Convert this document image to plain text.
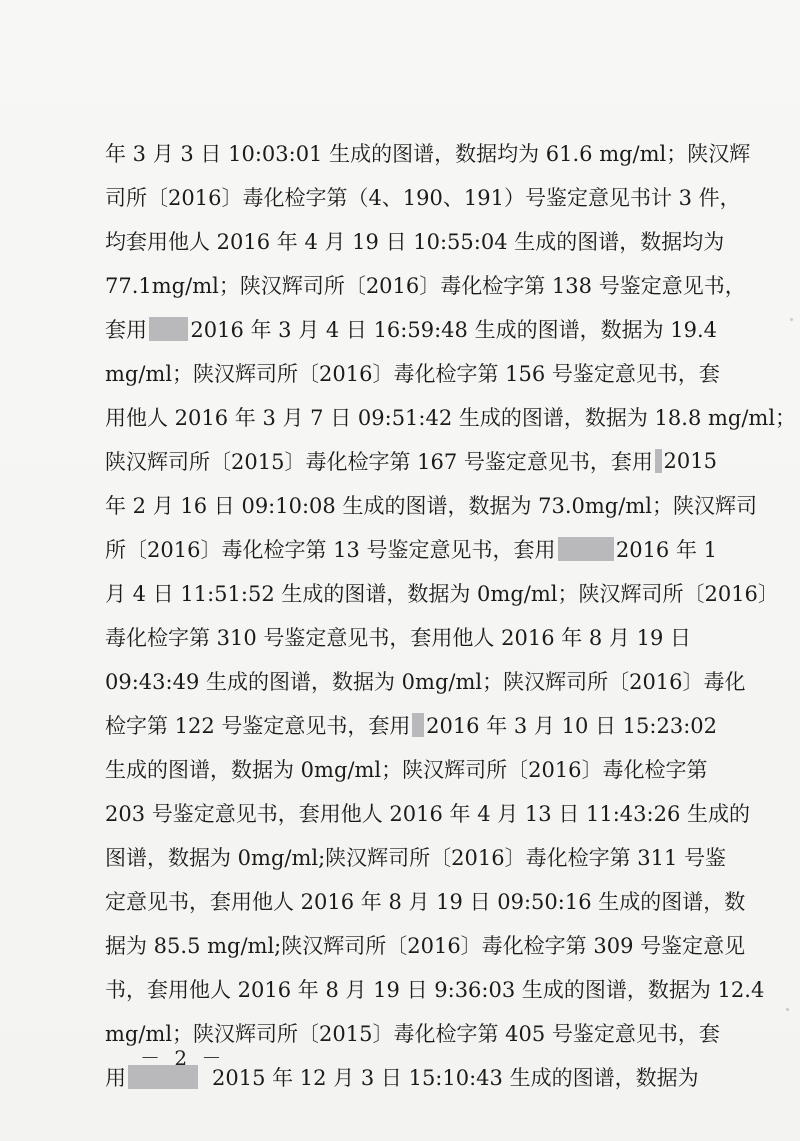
年 3 月 3 日 10:03:01 生成的图谱，数据均为 61.6 mg/ml；陕汉辉
司所〔2016〕毒化检字第（4、190、191）号鉴定意见书计 3 件，
均套用他人 2016 年 4 月 19 日 10:55:04 生成的图谱，数据均为
77.1mg/ml；陕汉辉司所〔2016〕毒化检字第 138 号鉴定意见书，
套用 2016 年 3 月 4 日 16:59:48 生成的图谱，数据为 19.4
mg/ml；陕汉辉司所〔2016〕毒化检字第 156 号鉴定意见书，套
用他人 2016 年 3 月 7 日 09:51:42 生成的图谱，数据为 18.8 mg/ml；
陕汉辉司所〔2015〕毒化检字第 167 号鉴定意见书，套用 2015
年 2 月 16 日 09:10:08 生成的图谱，数据为 73.0mg/ml；陕汉辉司
所〔2016〕毒化检字第 13 号鉴定意见书，套用	2016 年 1
月 4 日 11:51:52 生成的图谱，数据为 0mg/ml；陕汉辉司所〔2016〕
毒化检字第 310 号鉴定意见书，套用他人 2016 年 8 月 19 日
09:43:49 生成的图谱，数据为 0mg/ml；陕汉辉司所〔2016〕毒化
检字第 122 号鉴定意见书，套用 2016 年 3 月 10 日 15:23:02
生成的图谱，数据为 0mg/ml；陕汉辉司所〔2016〕毒化检字第
203 号鉴定意见书，套用他人 2016 年 4 月 13 日 11:43:26 生成的
图谱，数据为 0mg/ml;陕汉辉司所〔2016〕毒化检字第 311 号鉴
定意见书，套用他人 2016 年 8 月 19 日 09:50:16 生成的图谱，数
据为 85.5 mg/ml;陕汉辉司所〔2016〕毒化检字第 309 号鉴定意见
书，套用他人 2016 年 8 月 19 日 9:36:03 生成的图谱，数据为 12.4
mg/ml；陕汉辉司所〔2015〕毒化检字第 405 号鉴定意见书，套
用	2015 年 12 月 3 日 15:10:43 生成的图谱，数据为
－ 2 －
